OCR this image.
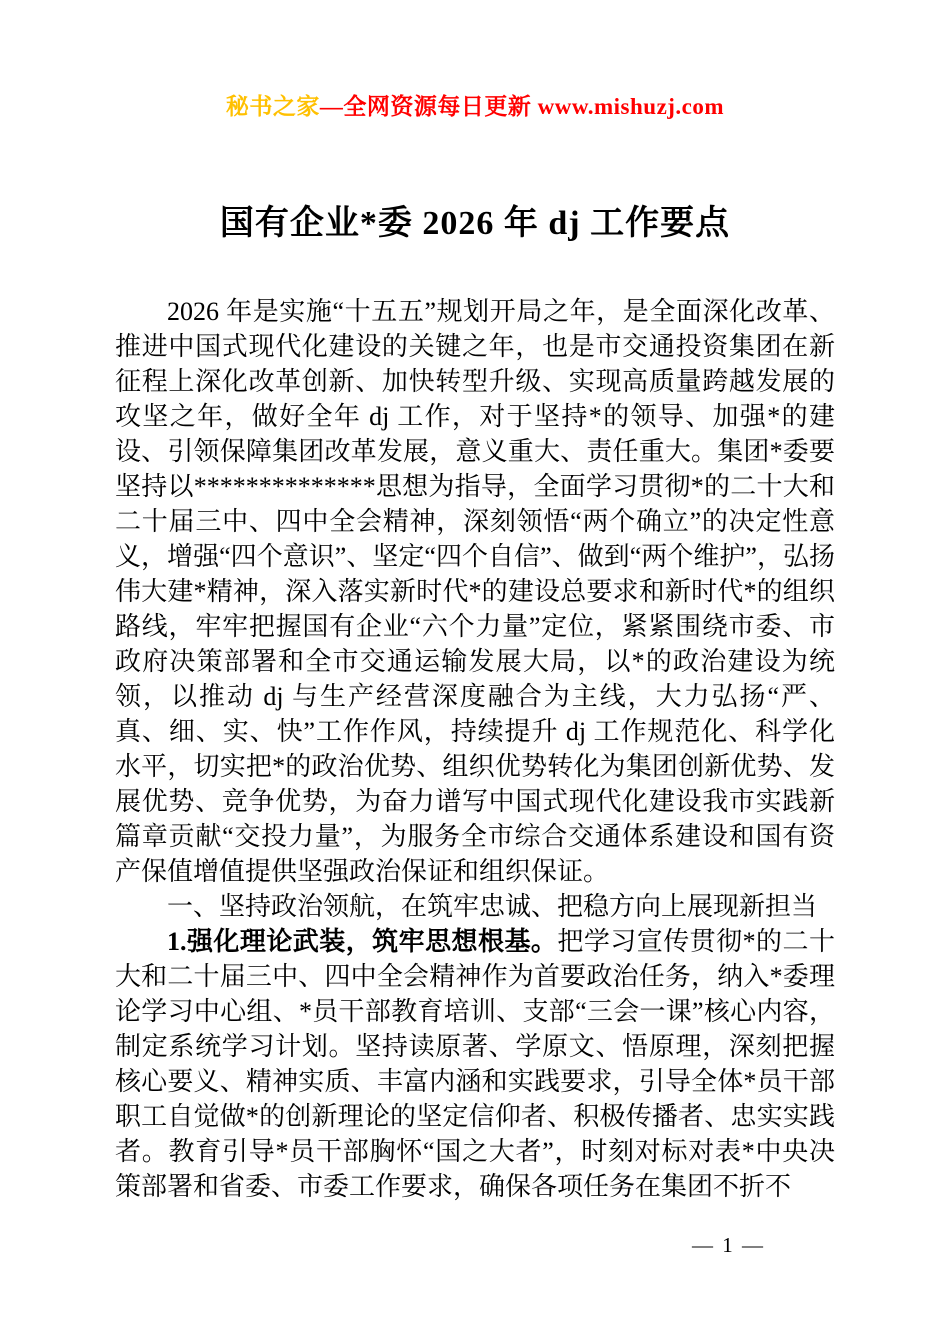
秘书之家—全网资源每日更新 www.mishuzj.com
国有企业*委 2026 年 dj 工作要点

2026 年是实施“十五五”规划开局之年，是全面深化改革、推进中国式现代化建设的关键之年，也是市交通投资集团在新征程上深化改革创新、加快转型升级、实现高质量跨越发展的攻坚之年，做好全年 dj 工作，对于坚持*的领导、加强*的建设、引领保障集团改革发展，意义重大、责任重大。集团*委要坚持以**************思想为指导，全面学习贯彻*的二十大和二十届三中、四中全会精神，深刻领悟“两个确立”的决定性意义，增强“四个意识”、坚定“四个自信”、做到“两个维护”，弘扬伟大建*精神，深入落实新时代*的建设总要求和新时代*的组织路线，牢牢把握国有企业“六个力量”定位，紧紧围绕市委、市政府决策部署和全市交通运输发展大局，以*的政治建设为统领，以推动 dj 与生产经营深度融合为主线，大力弘扬“严、真、细、实、快”工作作风，持续提升 dj 工作规范化、科学化水平，切实把*的政治优势、组织优势转化为集团创新优势、发展优势、竞争优势，为奋力谱写中国式现代化建设我市实践新篇章贡献“交投力量”，为服务全市综合交通体系建设和国有资产保值增值提供坚强政治保证和组织保证。

一、坚持政治领航，在筑牢忠诚、把稳方向上展现新担当

1.强化理论武装，筑牢思想根基。把学习宣传贯彻*的二十大和二十届三中、四中全会精神作为首要政治任务，纳入*委理论学习中心组、*员干部教育培训、支部“三会一课”核心内容，制定系统学习计划。坚持读原著、学原文、悟原理，深刻把握核心要义、精神实质、丰富内涵和实践要求，引导全体*员干部职工自觉做*的创新理论的坚定信仰者、积极传播者、忠实实践者。教育引导*员干部胸怀“国之大者”，时刻对标对表*中央决策部署和省委、市委工作要求，确保各项任务在集团不折不

— 1 —
